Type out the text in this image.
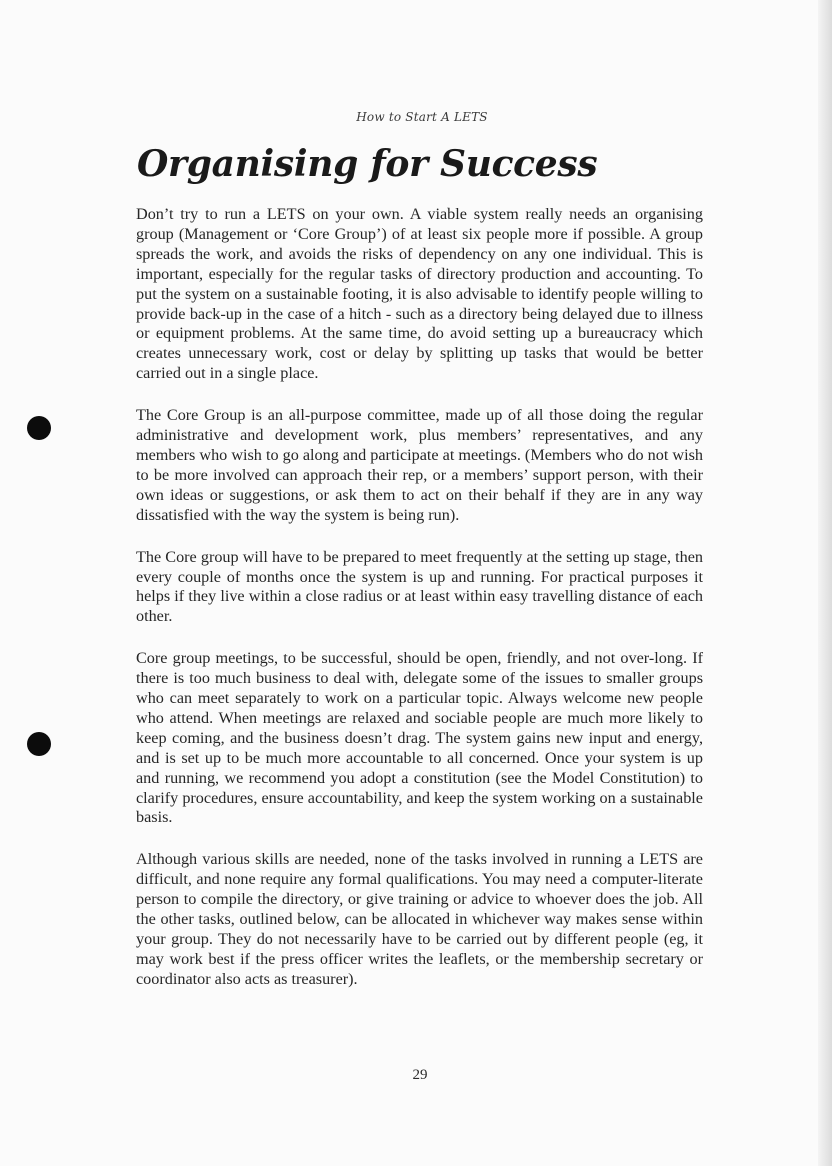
How to Start A LETS
Organising for Success

Don’t try to run a LETS on your own. A viable system really needs an organising group (Management or ‘Core Group’) of at least six people more if possible. A group spreads the work, and avoids the risks of dependency on any one individual. This is important, especially for the regular tasks of directory production and accounting. To put the system on a sustainable footing, it is also advisable to identify people willing to provide back-up in the case of a hitch - such as a directory being delayed due to illness or equipment problems. At the same time, do avoid setting up a bureaucracy which creates unnecessary work, cost or delay by splitting up tasks that would be better carried out in a single place.

The Core Group is an all-purpose committee, made up of all those doing the regular administrative and development work, plus members’ representatives, and any members who wish to go along and participate at meetings. (Members who do not wish to be more involved can approach their rep, or a members’ support person, with their own ideas or suggestions, or ask them to act on their behalf if they are in any way dissatisfied with the way the system is being run).

The Core group will have to be prepared to meet frequently at the setting up stage, then every couple of months once the system is up and running. For practical purposes it helps if they live within a close radius or at least within easy travelling distance of each other.

Core group meetings, to be successful, should be open, friendly, and not over-long. If there is too much business to deal with, delegate some of the issues to smaller groups who can meet separately to work on a particular topic. Always welcome new people who attend. When meetings are relaxed and sociable people are much more likely to keep coming, and the business doesn’t drag. The system gains new input and energy, and is set up to be much more accountable to all concerned. Once your system is up and running, we recommend you adopt a constitution (see the Model Constitution) to clarify procedures, ensure accountability, and keep the system working on a sustainable basis.

Although various skills are needed, none of the tasks involved in running a LETS are difficult, and none require any formal qualifications. You may need a computer-literate person to compile the directory, or give training or advice to whoever does the job. All the other tasks, outlined below, can be allocated in whichever way makes sense within your group. They do not necessarily have to be carried out by different people (eg, it may work best if the press officer writes the leaflets, or the membership secretary or coordinator also acts as treasurer).

29
